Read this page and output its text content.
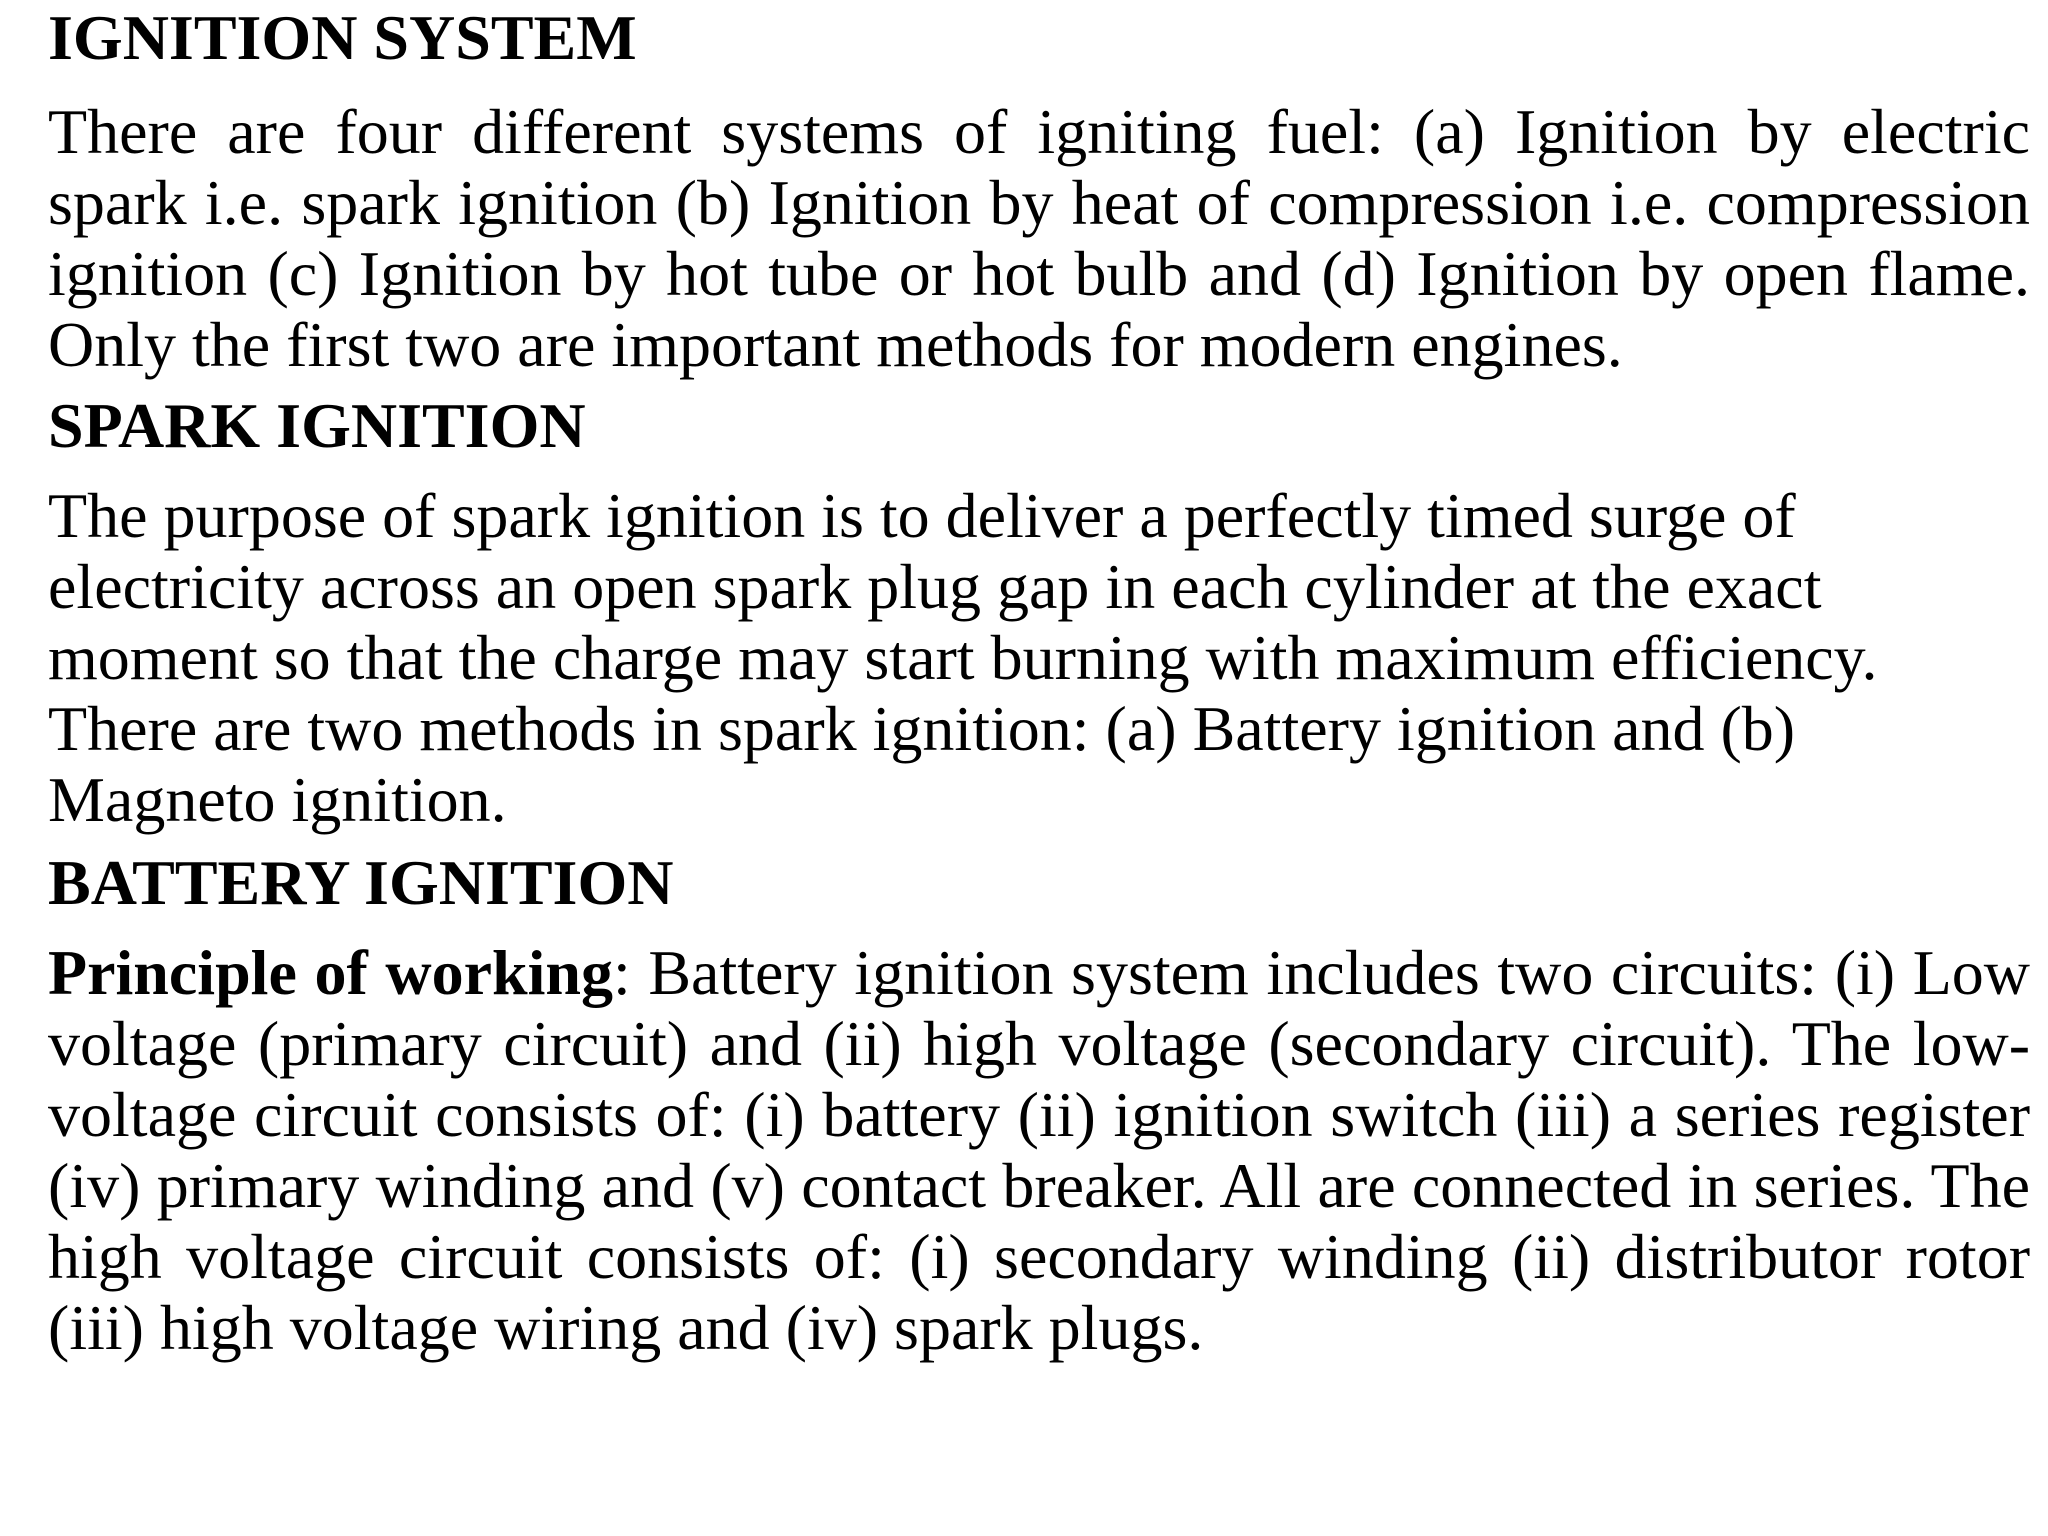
IGNITION SYSTEM

There are four different systems of igniting fuel: (a) Ignition by electric spark i.e. spark ignition (b) Ignition by heat of compression i.e. compression ignition (c) Ignition by hot tube or hot bulb and (d) Ignition by open flame. Only the first two are important methods for modern engines.

SPARK IGNITION

The purpose of spark ignition is to deliver a perfectly timed surge of electricity across an open spark plug gap in each cylinder at the exact moment so that the charge may start burning with maximum efficiency. There are two methods in spark ignition: (a) Battery ignition and (b) Magneto ignition.

BATTERY IGNITION

Principle of working: Battery ignition system includes two circuits: (i) Low voltage (primary circuit) and (ii) high voltage (secondary circuit). The low-voltage circuit consists of: (i) battery (ii) ignition switch (iii) a series register (iv) primary winding and (v) contact breaker. All are connected in series. The high voltage circuit consists of: (i) secondary winding (ii) distributor rotor (iii) high voltage wiring and (iv) spark plugs.
